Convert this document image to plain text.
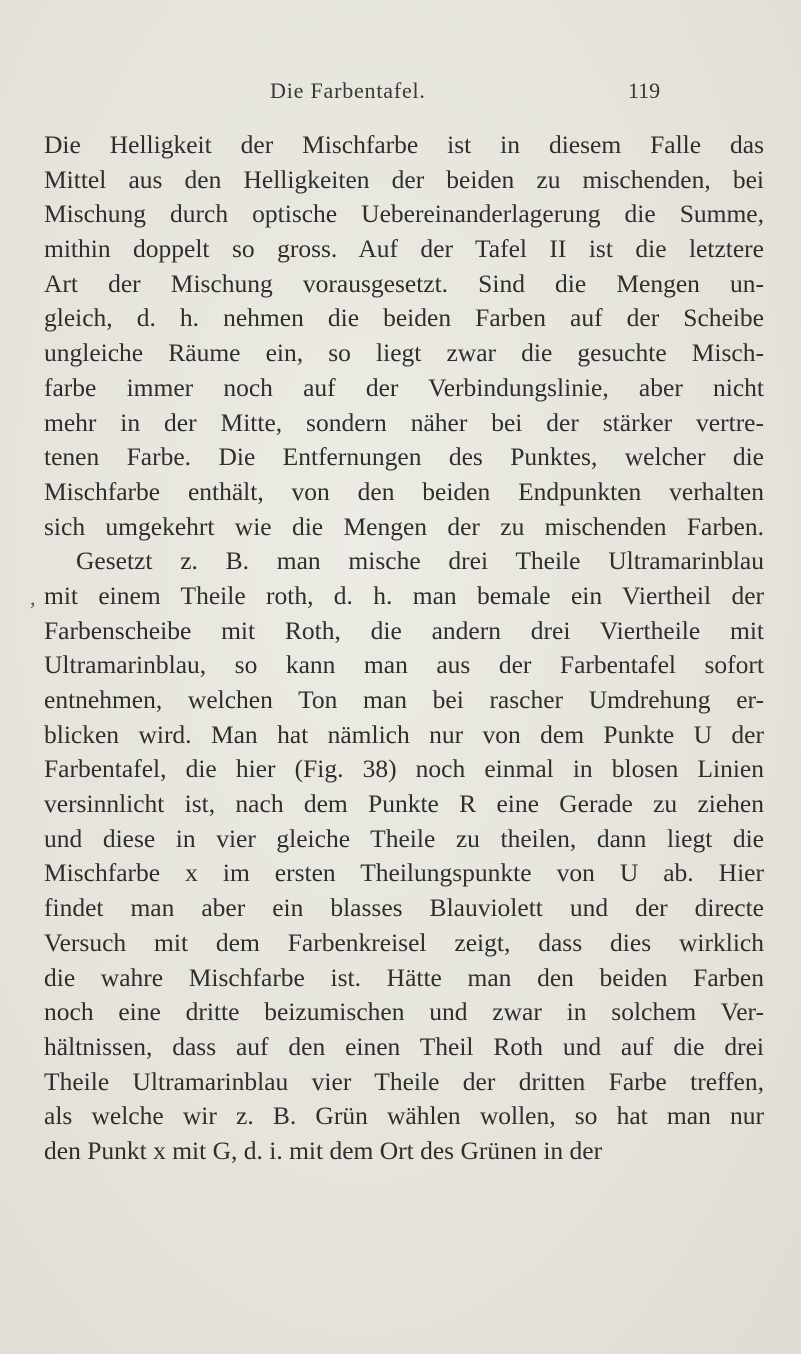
Die Farbentafel.	119
,
Die Helligkeit der Mischfarbe ist in diesem Falle das
Mittel aus den Helligkeiten der beiden zu mischenden, bei
Mischung durch optische Uebereinanderlagerung die Summe,
mithin doppelt so gross. Auf der Tafel II ist die letztere
Art der Mischung vorausgesetzt. Sind die Mengen un-
gleich, d. h. nehmen die beiden Farben auf der Scheibe
ungleiche Räume ein, so liegt zwar die gesuchte Misch-
farbe immer noch auf der Verbindungslinie, aber nicht
mehr in der Mitte, sondern näher bei der stärker vertre-
tenen Farbe. Die Entfernungen des Punktes, welcher die
Mischfarbe enthält, von den beiden Endpunkten verhalten
sich umgekehrt wie die Mengen der zu mischenden Farben.
Gesetzt z. B. man mische drei Theile Ultramarinblau
mit einem Theile roth, d. h. man bemale ein Viertheil der
Farbenscheibe mit Roth, die andern drei Viertheile mit
Ultramarinblau, so kann man aus der Farbentafel sofort
entnehmen, welchen Ton man bei rascher Umdrehung er-
blicken wird. Man hat nämlich nur von dem Punkte U der
Farbentafel, die hier (Fig. 38) noch einmal in blosen Linien
versinnlicht ist, nach dem Punkte R eine Gerade zu ziehen
und diese in vier gleiche Theile zu theilen, dann liegt die
Mischfarbe x im ersten Theilungspunkte von U ab. Hier
findet man aber ein blasses Blauviolett und der directe
Versuch mit dem Farbenkreisel zeigt, dass dies wirklich
die wahre Mischfarbe ist. Hätte man den beiden Farben
noch eine dritte beizumischen und zwar in solchem Ver-
hältnissen, dass auf den einen Theil Roth und auf die drei
Theile Ultramarinblau vier Theile der dritten Farbe treffen,
als welche wir z. B. Grün wählen wollen, so hat man nur
den Punkt x mit G, d. i. mit dem Ort des Grünen in der
